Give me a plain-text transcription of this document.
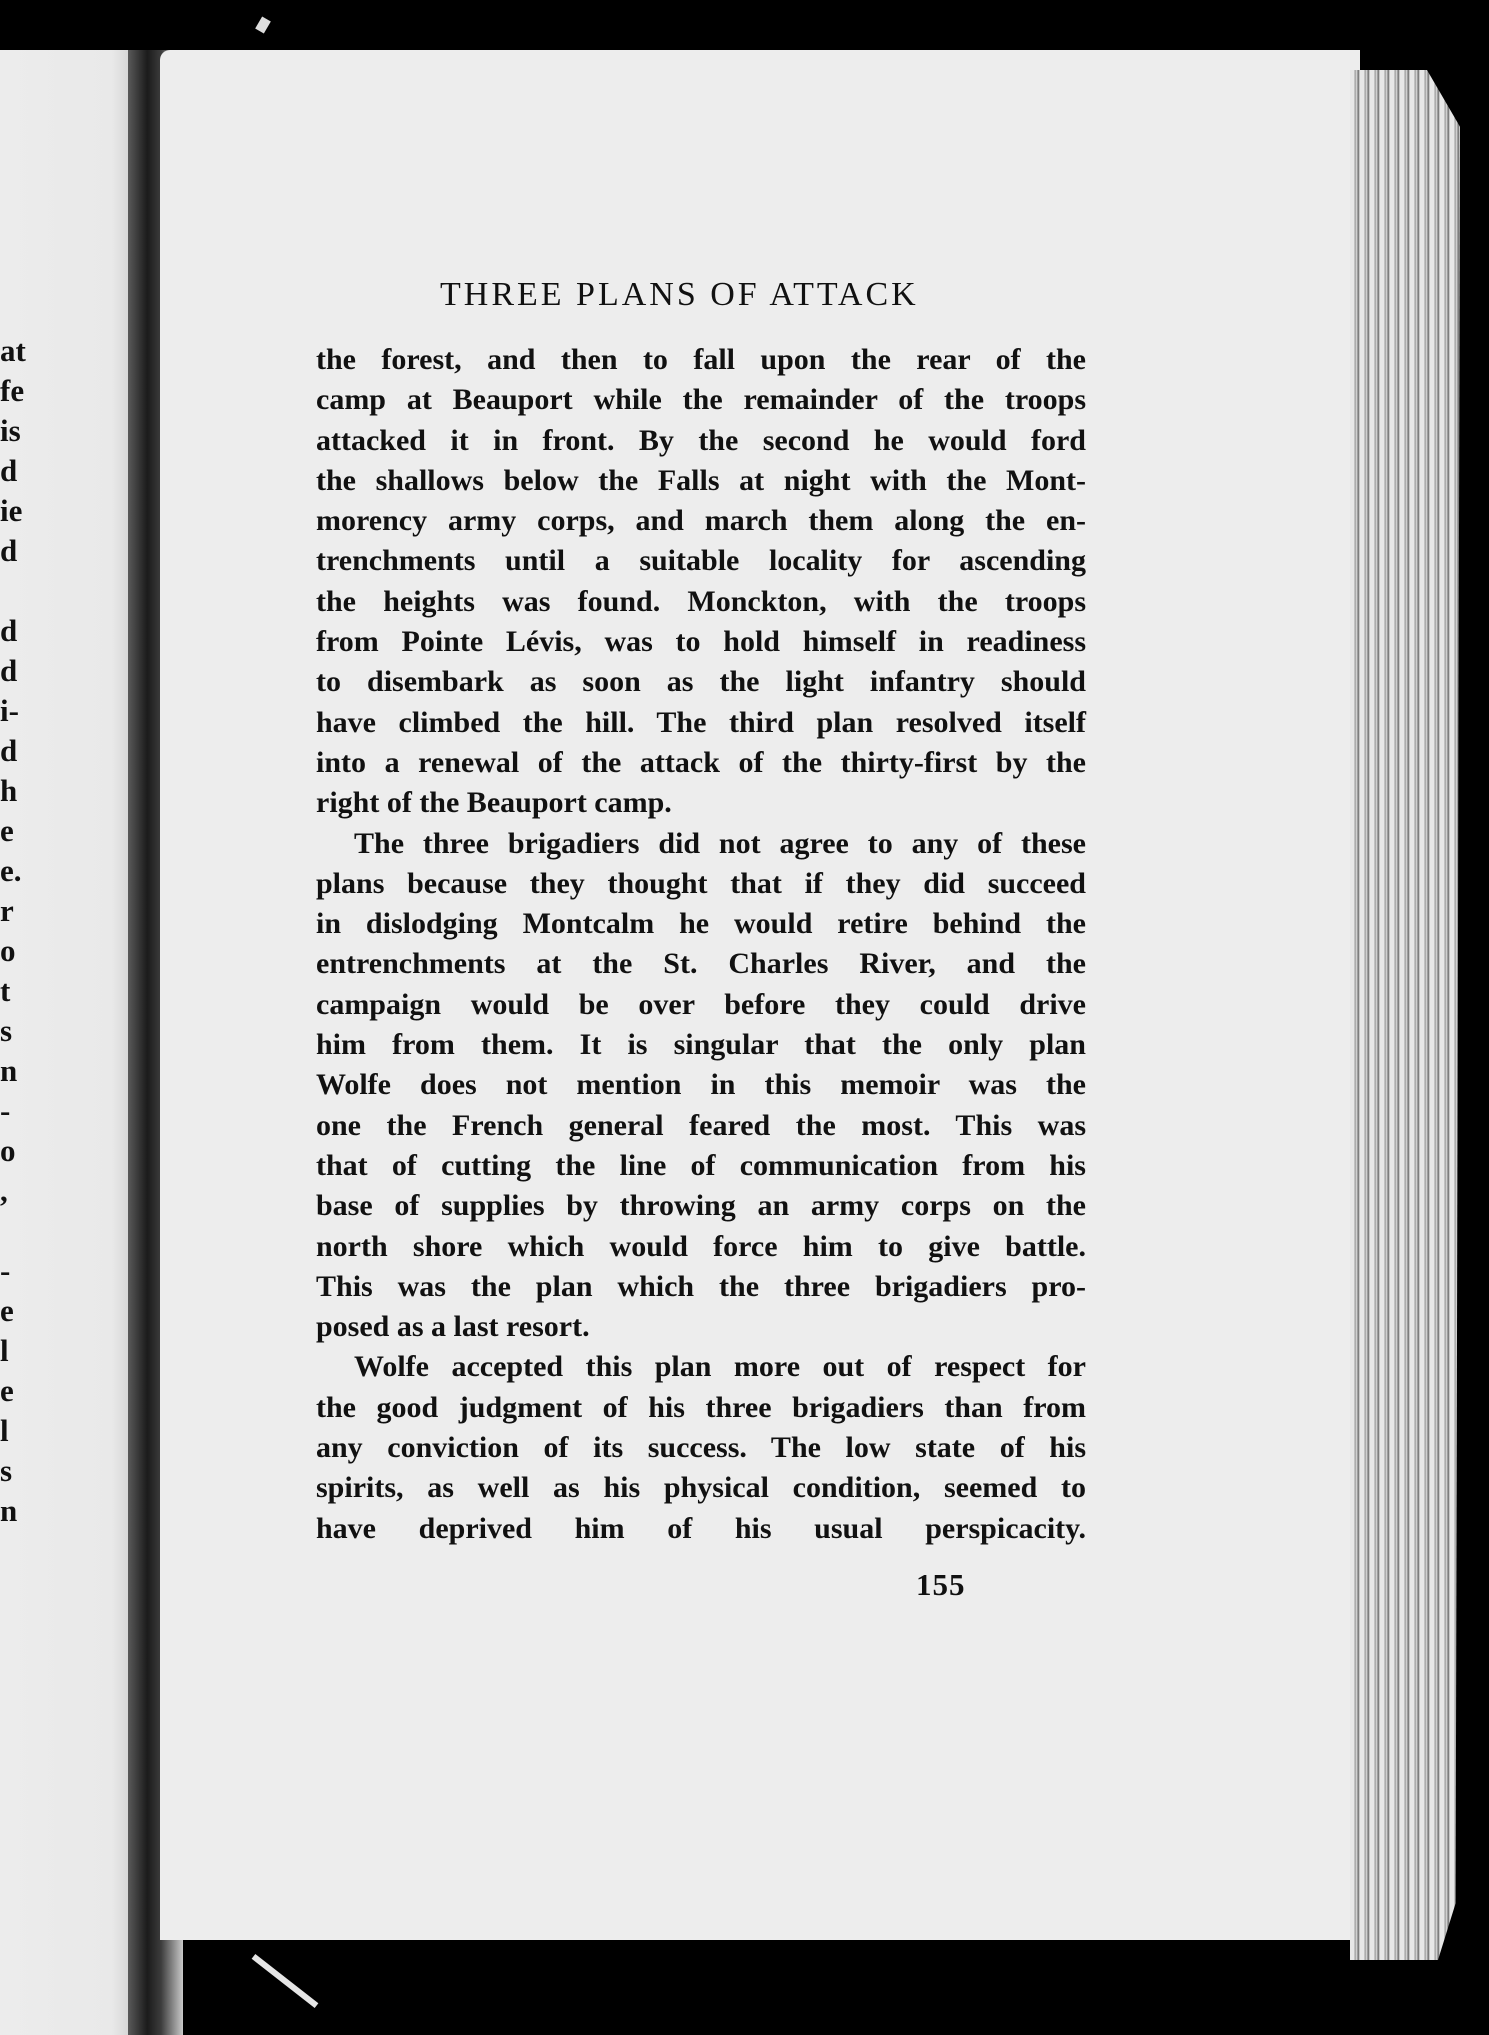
at
fe
is
d
ie
d
d
d
i-
d
h
e
e.
r
o
t
s
n
-
o
,
-
e
l
e
l
s
n
THREE PLANS OF ATTACK
the forest, and then to fall upon the rear of the
camp at Beauport while the remainder of the troops
attacked it in front. By the second he would ford
the shallows below the Falls at night with the Mont-
morency army corps, and march them along the en-
trenchments until a suitable locality for ascending
the heights was found. Monckton, with the troops
from Pointe Lévis, was to hold himself in readiness
to disembark as soon as the light infantry should
have climbed the hill. The third plan resolved itself
into a renewal of the attack of the thirty-first by the
right of the Beauport camp.
The three brigadiers did not agree to any of these
plans because they thought that if they did succeed
in dislodging Montcalm he would retire behind the
entrenchments at the St. Charles River, and the
campaign would be over before they could drive
him from them. It is singular that the only plan
Wolfe does not mention in this memoir was the
one the French general feared the most. This was
that of cutting the line of communication from his
base of supplies by throwing an army corps on the
north shore which would force him to give battle.
This was the plan which the three brigadiers pro-
posed as a last resort.
Wolfe accepted this plan more out of respect for
the good judgment of his three brigadiers than from
any conviction of its success. The low state of his
spirits, as well as his physical condition, seemed to
have deprived him of his usual perspicacity.
155
